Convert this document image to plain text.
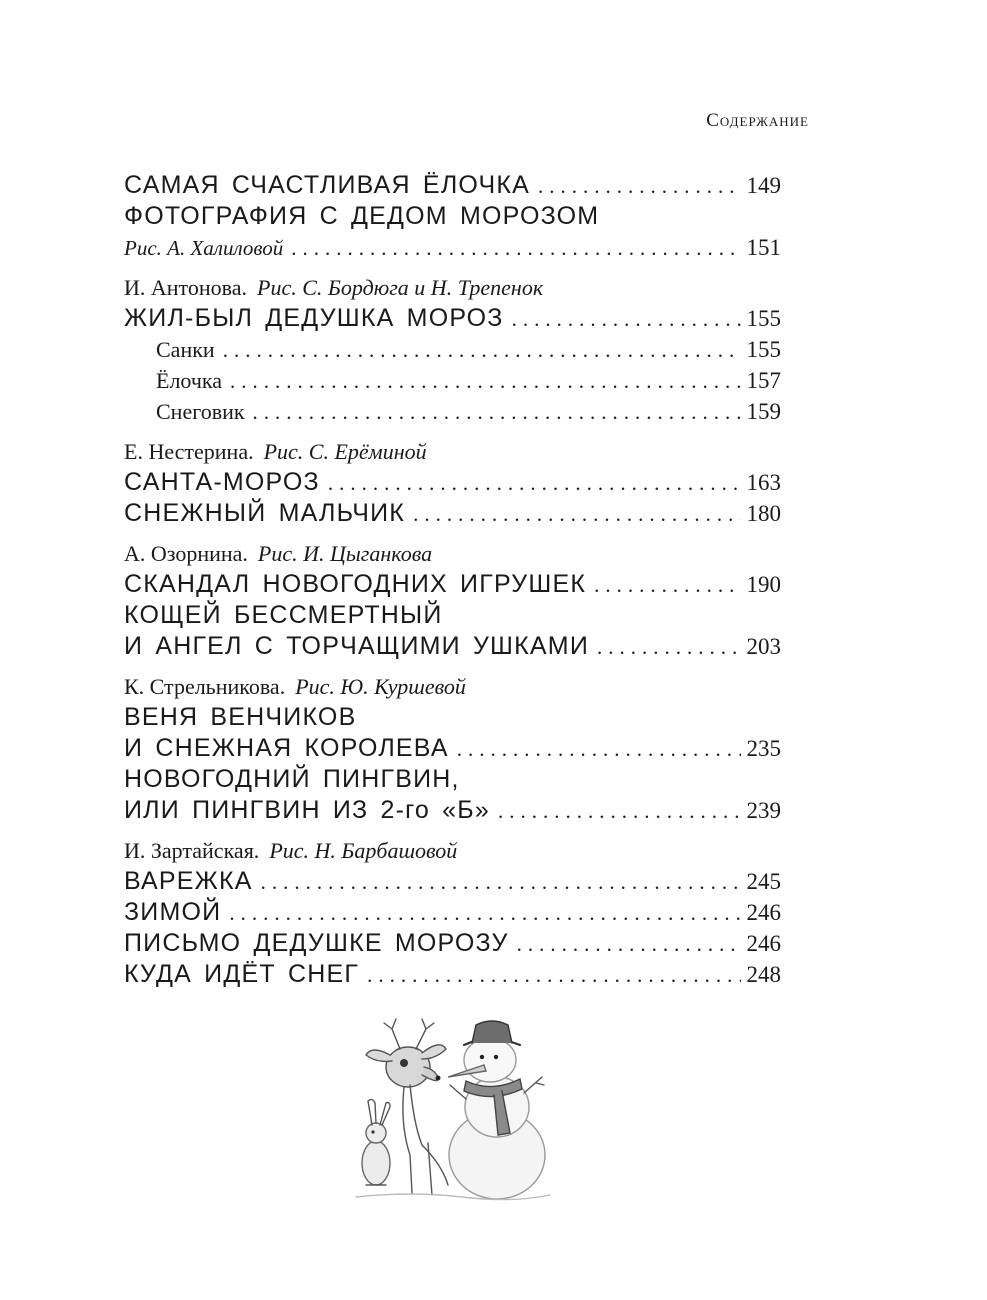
Содержание
САМАЯ СЧАСТЛИВАЯ ЁЛОЧКА .....	149
ФОТОГРАФИЯ С ДЕДОМ МОРОЗОМ
Рис. А. Халиловой .....	151
И. Антонова. Рис. С. Бордюга и Н. Трепенок
ЖИЛ-БЫЛ ДЕДУШКА МОРОЗ .....	155
Санки .....	155
Ёлочка .....	157
Снеговик .....	159
Е. Нестерина. Рис. С. Ерёминой
САНТА-МОРОЗ .....	163
СНЕЖНЫЙ МАЛЬЧИК .....	180
А. Озорнина. Рис. И. Цыганкова
СКАНДАЛ НОВОГОДНИХ ИГРУШЕК .....	190
КОЩЕЙ БЕССМЕРТНЫЙ
И АНГЕЛ С ТОРЧАЩИМИ УШКАМИ .....	203
К. Стрельникова. Рис. Ю. Куршевой
ВЕНЯ ВЕНЧИКОВ
И СНЕЖНАЯ КОРОЛЕВА .....	235
НОВОГОДНИЙ ПИНГВИН,
ИЛИ ПИНГВИН ИЗ 2-го «Б» .....	239
И. Зартайская. Рис. Н. Барбашовой
ВАРЕЖКА .....	245
ЗИМОЙ .....	246
ПИСЬМО ДЕДУШКЕ МОРОЗУ .....	246
КУДА ИДЁТ СНЕГ .....	248
